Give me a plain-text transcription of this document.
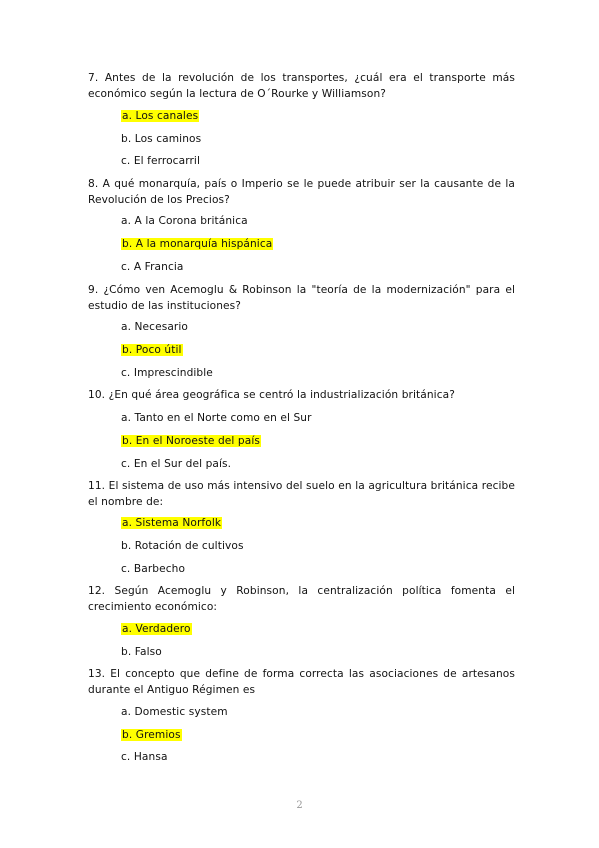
7. Antes de la revolución de los transportes, ¿cuál era el transporte más económico según la lectura de O´Rourke y Williamson?
a. Los canales
b. Los caminos
c. El ferrocarril
8. A qué monarquía, país o Imperio se le puede atribuir ser la causante de la Revolución de los Precios?
a. A la Corona británica
b. A la monarquía hispánica
c. A Francia
9. ¿Cómo ven Acemoglu & Robinson la "teoría de la modernización" para el estudio de las instituciones?
a. Necesario
b. Poco útil
c. Imprescindible
10. ¿En qué área geográfica se centró la industrialización británica?
a. Tanto en el Norte como en el Sur
b. En el Noroeste del país
c. En el Sur del país.
11. El sistema de uso más intensivo del suelo en la agricultura británica recibe el nombre de:
a. Sistema Norfolk
b. Rotación de cultivos
c. Barbecho
12. Según Acemoglu y Robinson, la centralización política fomenta el crecimiento económico:
a. Verdadero
b. Falso
13. El concepto que define de forma correcta las asociaciones de artesanos durante el Antiguo Régimen es
a. Domestic system
b. Gremios
c. Hansa
2
